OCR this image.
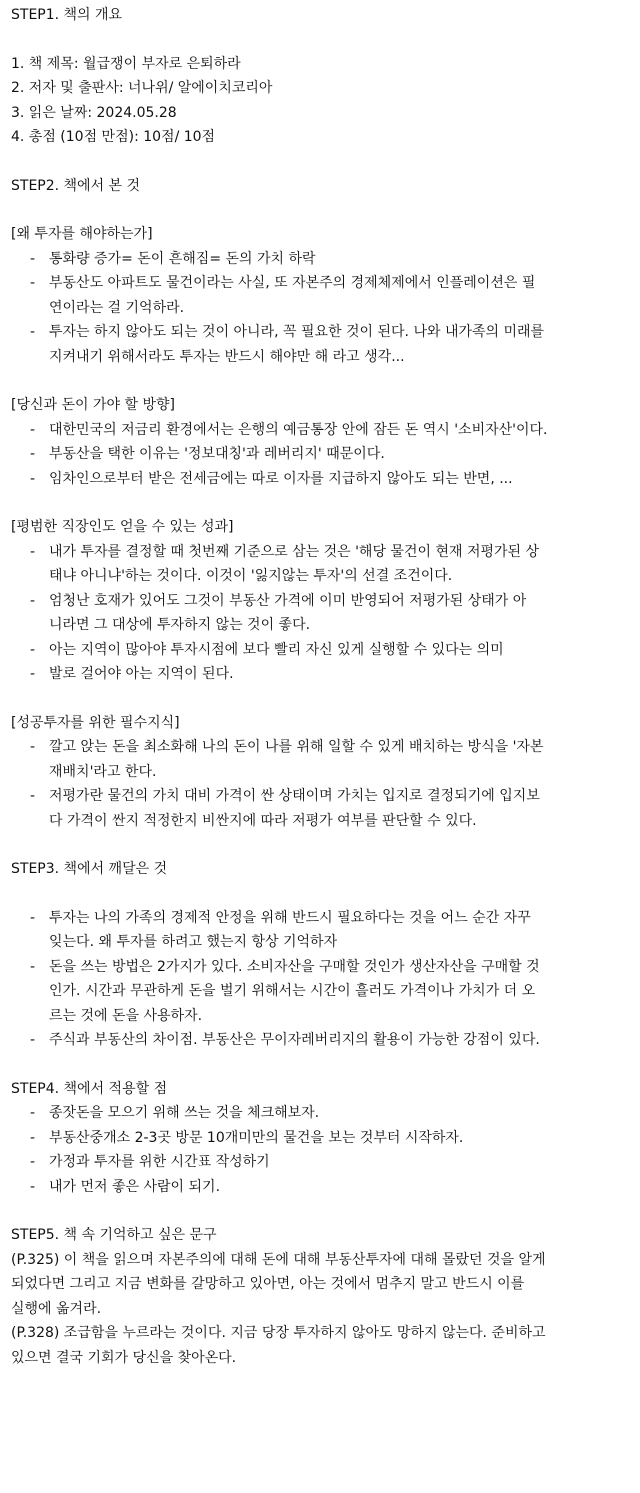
STEP1. 책의 개요

1. 책 제목: 월급쟁이 부자로 은퇴하라

2. 저자 및 출판사: 너나위/ 알에이치코리아

3. 읽은 날짜: 2024.05.28

4. 총점 (10점 만점): 10점/ 10점

STEP2. 책에서 본 것

[왜 투자를 해야하는가]

- 통화량 증가= 돈이 흔해짐= 돈의 가치 하락
- 부동산도 아파트도 물건이라는 사실, 또 자본주의 경제체제에서 인플레이션은 필
연이라는 걸 기억하라.
- 투자는 하지 않아도 되는 것이 아니라, 꼭 필요한 것이 된다. 나와 내가족의 미래를
지켜내기 위해서라도 투자는 반드시 해야만 해 라고 생각...

[당신과 돈이 가야 할 방향]

- 대한민국의 저금리 환경에서는 은행의 예금통장 안에 잠든 돈 역시 '소비자산'이다.
- 부동산을 택한 이유는 '정보대칭'과 레버리지' 때문이다.
- 임차인으로부터 받은 전세금에는 따로 이자를 지급하지 않아도 되는 반면, ...

[평범한 직장인도 얻을 수 있는 성과]

- 내가 투자를 결정할 때 첫번째 기준으로 삼는 것은 '해당 물건이 현재 저평가된 상
태냐 아니냐'하는 것이다. 이것이 '잃지않는 투자'의 선결 조건이다.
- 엄청난 호재가 있어도 그것이 부동산 가격에 이미 반영되어 저평가된 상태가 아
니라면 그 대상에 투자하지 않는 것이 좋다.
- 아는 지역이 많아야 투자시점에 보다 빨리 자신 있게 실행할 수 있다는 의미
- 발로 걸어야 아는 지역이 된다.

[성공투자를 위한 필수지식]

- 깔고 앉는 돈을 최소화해 나의 돈이 나를 위해 일할 수 있게 배치하는 방식을 '자본
재배치'라고 한다.
- 저평가란 물건의 가치 대비 가격이 싼 상태이며 가치는 입지로 결정되기에 입지보
다 가격이 싼지 적정한지 비싼지에 따라 저평가 여부를 판단할 수 있다.

STEP3. 책에서 깨달은 것

- 투자는 나의 가족의 경제적 안정을 위해 반드시 필요하다는 것을 어느 순간 자꾸
잊는다. 왜 투자를 하려고 했는지 항상 기억하자
- 돈을 쓰는 방법은 2가지가 있다. 소비자산을 구매할 것인가 생산자산을 구매할 것
인가. 시간과 무관하게 돈을 벌기 위해서는 시간이 흘러도 가격이나 가치가 더 오
르는 것에 돈을 사용하자.
- 주식과 부동산의 차이점. 부동산은 무이자레버리지의 활용이 가능한 강점이 있다.

STEP4. 책에서 적용할 점

- 종잣돈을 모으기 위해 쓰는 것을 체크해보자.
- 부동산중개소 2-3곳 방문 10개미만의 물건을 보는 것부터 시작하자.
- 가정과 투자를 위한 시간표 작성하기
- 내가 먼저 좋은 사람이 되기.

STEP5. 책 속 기억하고 싶은 문구

(P.325) 이 책을 읽으며 자본주의에 대해 돈에 대해 부동산투자에 대해 몰랐던 것을 알게

되었다면 그리고 지금 변화를 갈망하고 있아면, 아는 것에서 멈추지 말고 반드시 이를

실행에 옮겨라.

(P.328) 조급함을 누르라는 것이다. 지금 당장 투자하지 않아도 망하지 않는다. 준비하고

있으면 결국 기회가 당신을 찾아온다.
